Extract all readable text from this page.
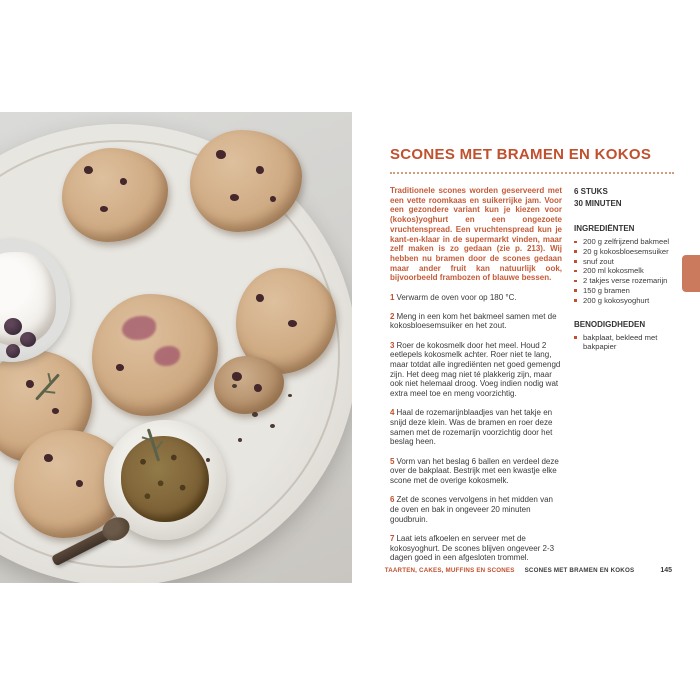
SCONES MET BRAMEN EN KOKOS

Traditionele scones worden geserveerd met een vette roomkaas en suikerrijke jam. Voor een gezondere variant kun je kiezen voor (kokos)yoghurt en een ongezoete vruchtenspread. Een vruchtenspread kun je kant-en-klaar in de supermarkt vinden, maar zelf maken is zo gedaan (zie p. 213). Wij hebben nu bramen door de scones gedaan maar ander fruit kan natuurlijk ook, bijvoorbeeld frambozen of blauwe bessen.

1 Verwarm de oven voor op 180 °C.

2 Meng in een kom het bakmeel samen met de kokosbloesemsuiker en het zout.

3 Roer de kokosmelk door het meel. Houd 2 eetlepels kokosmelk achter. Roer niet te lang, maar totdat alle ingrediënten net goed gemengd zijn. Het deeg mag niet té plakkerig zijn, maar ook niet helemaal droog. Voeg indien nodig wat extra meel toe en meng voorzichtig.

4 Haal de rozemarijnblaadjes van het takje en snijd deze klein. Was de bramen en roer deze samen met de rozemarijn voorzichtig door het beslag heen.

5 Vorm van het beslag 6 ballen en verdeel deze over de bakplaat. Bestrijk met een kwastje elke scone met de overige kokosmelk.

6 Zet de scones vervolgens in het midden van de oven en bak in ongeveer 20 minuten goudbruin.

7 Laat iets afkoelen en serveer met de kokosyoghurt. De scones blijven ongeveer 2-3 dagen goed in een afgesloten trommel.

6 STUKS
30 MINUTEN
INGREDIËNTEN
200 g zelfrijzend bakmeel
20 g kokosbloesemsuiker
snuf zout
200 ml kokosmelk
2 takjes verse rozemarijn
150 g bramen
200 g kokosyoghurt
BENODIGDHEDEN
bakplaat, bekleed met bakpapier
TAARTEN, CAKES, MUFFINS EN SCONES SCONES MET BRAMEN EN KOKOS	145
